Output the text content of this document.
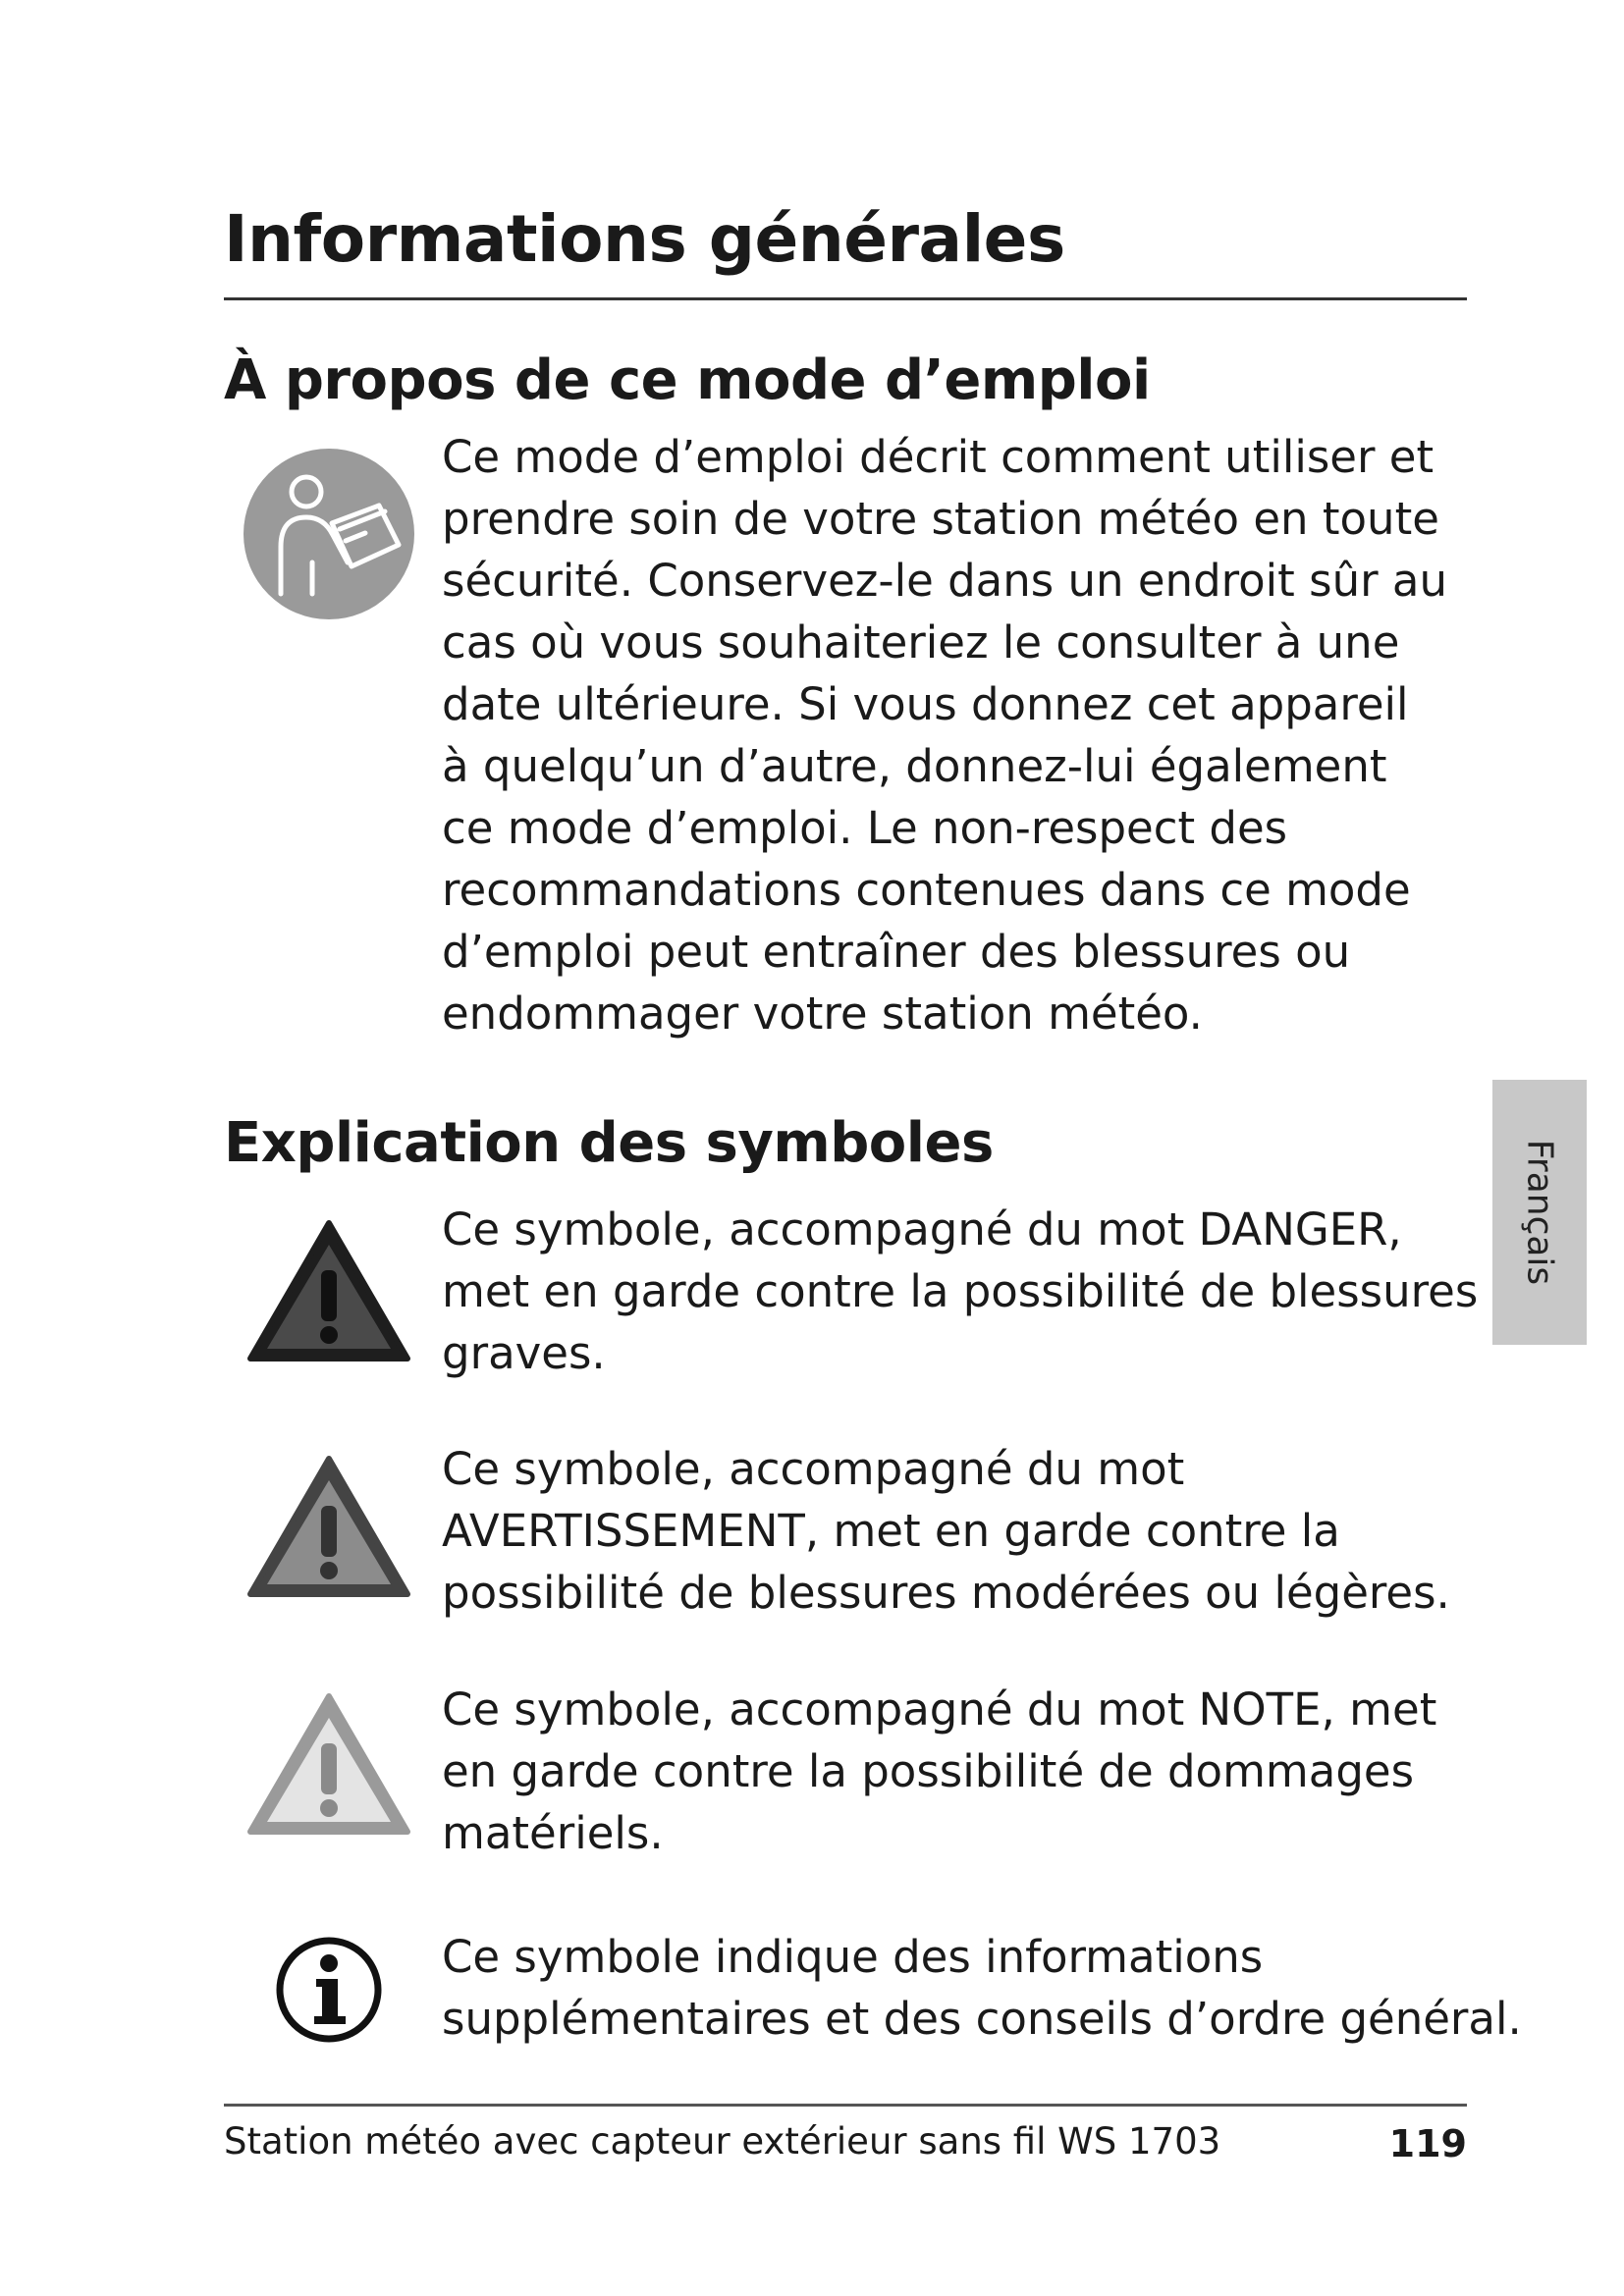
Informations générales
À propos de ce mode d’emploi
Ce mode d’emploi décrit comment utiliser et
prendre soin de votre station météo en toute
sécurité. Conservez-le dans un endroit sûr au
cas où vous souhaiteriez le consulter à une
date ultérieure. Si vous donnez cet appareil
à quelqu’un d’autre, donnez-lui également
ce mode d’emploi. Le non-respect des
recommandations contenues dans ce mode
d’emploi peut entraîner des blessures ou
endommager votre station météo.
Explication des symboles
Ce symbole, accompagné du mot DANGER,
met en garde contre la possibilité de blessures
graves.
Ce symbole, accompagné du mot
AVERTISSEMENT, met en garde contre la
possibilité de blessures modérées ou légères.
Ce symbole, accompagné du mot NOTE, met
en garde contre la possibilité de dommages
matériels.
Ce symbole indique des informations
supplémentaires et des conseils d’ordre général.
Français
Station météo avec capteur extérieur sans fil WS 1703	119
